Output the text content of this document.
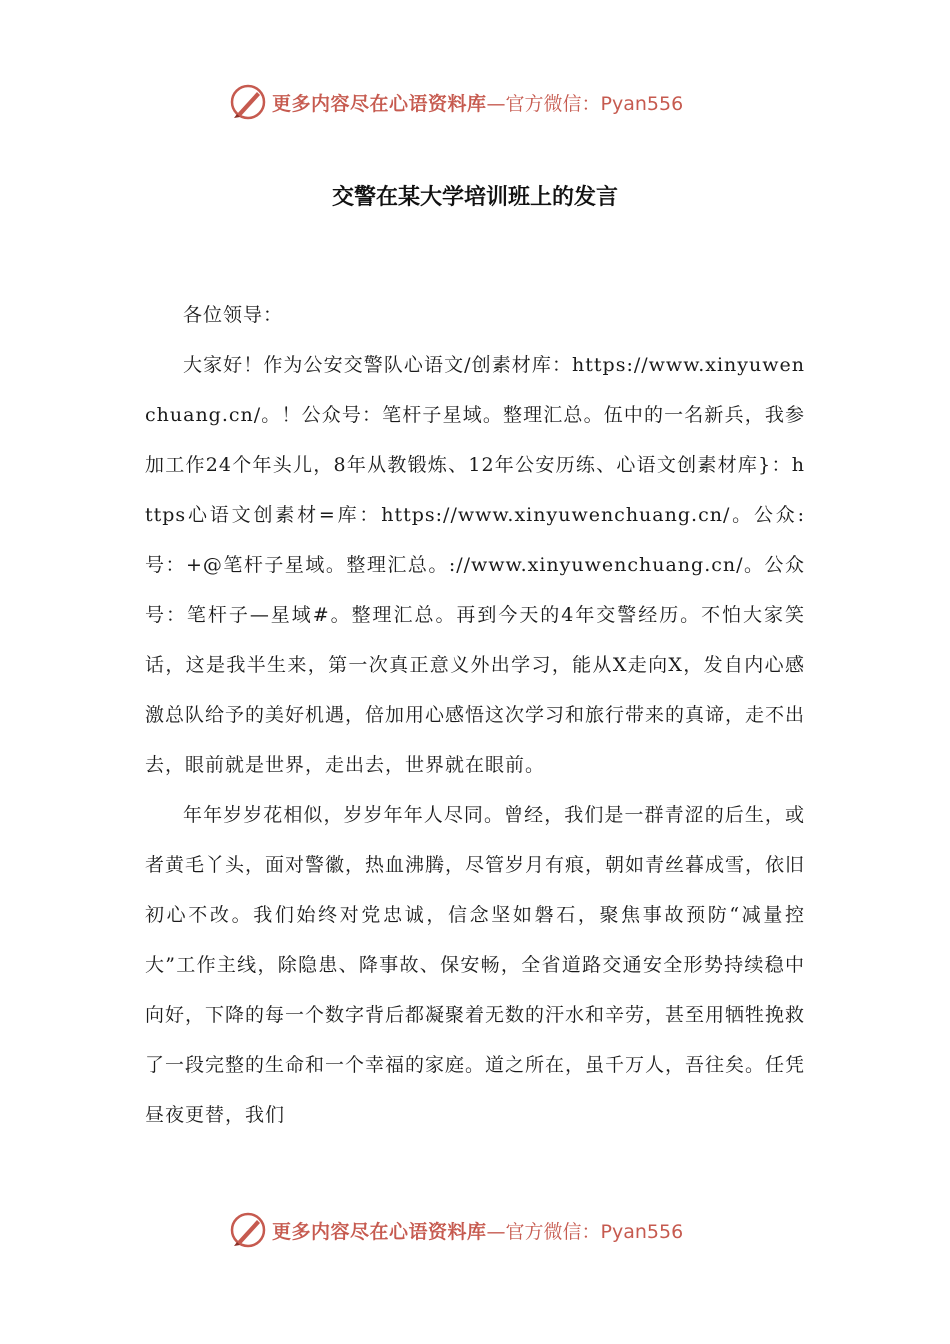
更多内容尽在心语资料库 —官方微信：Pyan556
交警在某大学培训班上的发言

各位领导：

大家好！作为公安交警队心语文/创素材库：https://www.xinyuwenchuang.cn/。！公众号：笔杆子星域。整理汇总。伍中的一名新兵，我参加工作24个年头儿，8年从教锻炼、12年公安历练、心语文创素材库}：https心语文创素材=库：https://www.xinyuwenchuang.cn/。公众:号：+@笔杆子星域。整理汇总。://www.xinyuwenchuang.cn/。公众号：笔杆子—星域#。整理汇总。再到今天的4年交警经历。不怕大家笑话，这是我半生来，第一次真正意义外出学习，能从X走向X，发自内心感激总队给予的美好机遇，倍加用心感悟这次学习和旅行带来的真谛，走不出去，眼前就是世界，走出去，世界就在眼前。

年年岁岁花相似，岁岁年年人尽同。曾经，我们是一群青涩的后生，或者黄毛丫头，面对警徽，热血沸腾，尽管岁月有痕，朝如青丝暮成雪，依旧初心不改。我们始终对党忠诚，信念坚如磐石，聚焦事故预防“减量控大”工作主线，除隐患、降事故、保安畅，全省道路交通安全形势持续稳中向好，下降的每一个数字背后都凝聚着无数的汗水和辛劳，甚至用牺牲挽救了一段完整的生命和一个幸福的家庭。道之所在，虽千万人，吾往矣。任凭昼夜更替，我们

更多内容尽在心语资料库 —官方微信：Pyan556
